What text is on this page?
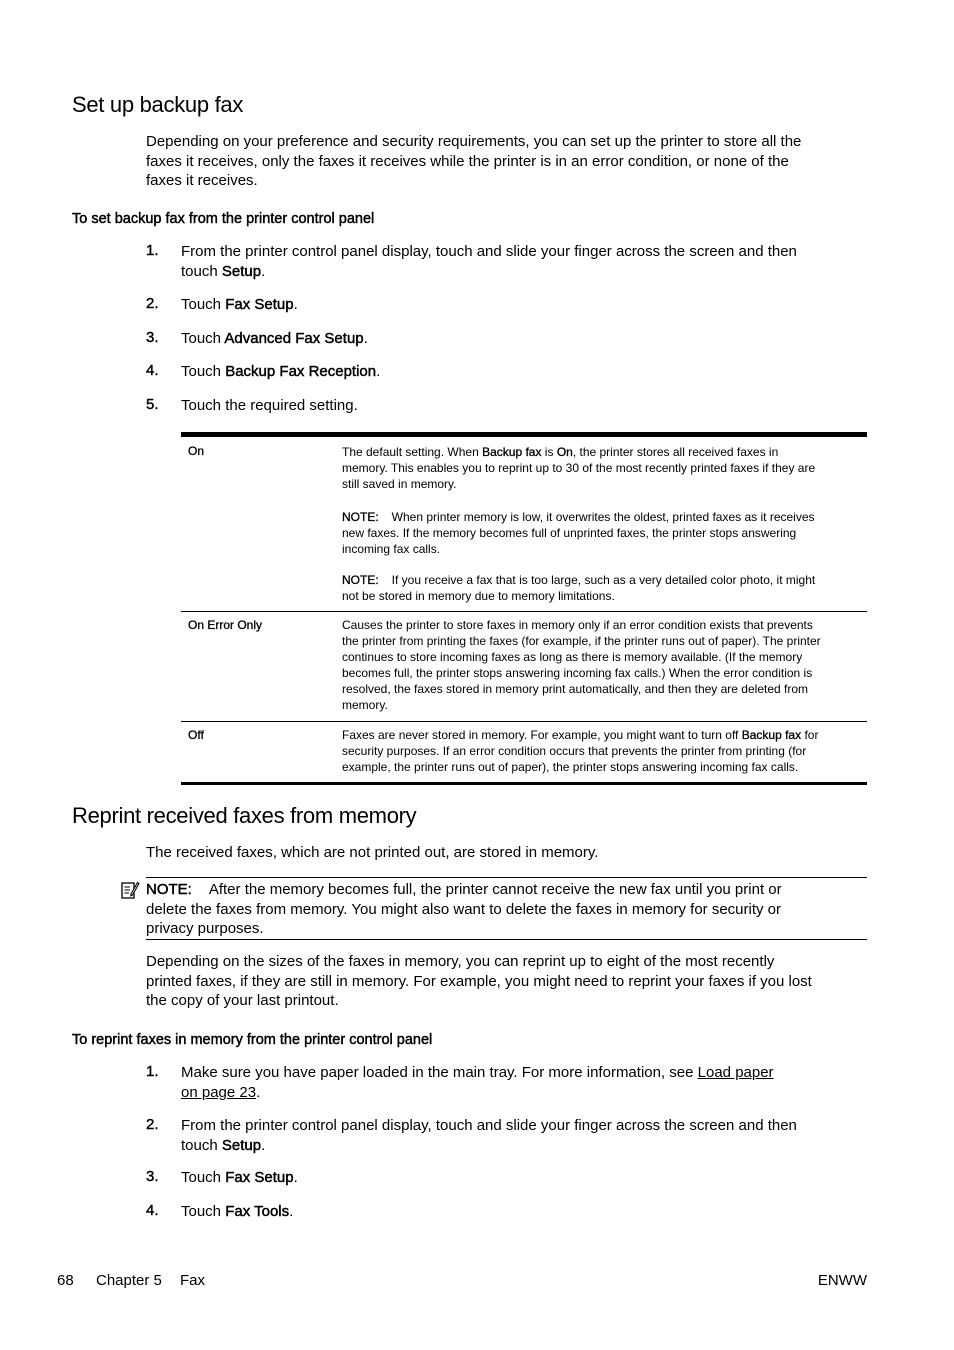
Set up backup fax
Depending on your preference and security requirements, you can set up the printer to store all the
faxes it receives, only the faxes it receives while the printer is in an error condition, or none of the
faxes it receives.
To set backup fax from the printer control panel
1. From the printer control panel display, touch and slide your finger across the screen and then
touch Setup.
2. Touch Fax Setup.
3. Touch Advanced Fax Setup.
4. Touch Backup Fax Reception.
5. Touch the required setting.
On	The default setting. When Backup fax is On, the printer stores all received faxes in
memory. This enables you to reprint up to 30 of the most recently printed faxes if they are
still saved in memory.
NOTE: When printer memory is low, it overwrites the oldest, printed faxes as it receives
new faxes. If the memory becomes full of unprinted faxes, the printer stops answering
incoming fax calls.
NOTE: If you receive a fax that is too large, such as a very detailed color photo, it might
not be stored in memory due to memory limitations.
On Error Only	Causes the printer to store faxes in memory only if an error condition exists that prevents
the printer from printing the faxes (for example, if the printer runs out of paper). The printer
continues to store incoming faxes as long as there is memory available. (If the memory
becomes full, the printer stops answering incoming fax calls.) When the error condition is
resolved, the faxes stored in memory print automatically, and then they are deleted from
memory.
Off	Faxes are never stored in memory. For example, you might want to turn off Backup fax for
security purposes. If an error condition occurs that prevents the printer from printing (for
example, the printer runs out of paper), the printer stops answering incoming fax calls.
Reprint received faxes from memory
The received faxes, which are not printed out, are stored in memory.
NOTE: After the memory becomes full, the printer cannot receive the new fax until you print or
delete the faxes from memory. You might also want to delete the faxes in memory for security or
privacy purposes.
Depending on the sizes of the faxes in memory, you can reprint up to eight of the most recently
printed faxes, if they are still in memory. For example, you might need to reprint your faxes if you lost
the copy of your last printout.
To reprint faxes in memory from the printer control panel
1. Make sure you have paper loaded in the main tray. For more information, see Load paper
on page 23.
2. From the printer control panel display, touch and slide your finger across the screen and then
touch Setup.
3. Touch Fax Setup.
4. Touch Fax Tools.
68 Chapter 5 Fax	ENWW
